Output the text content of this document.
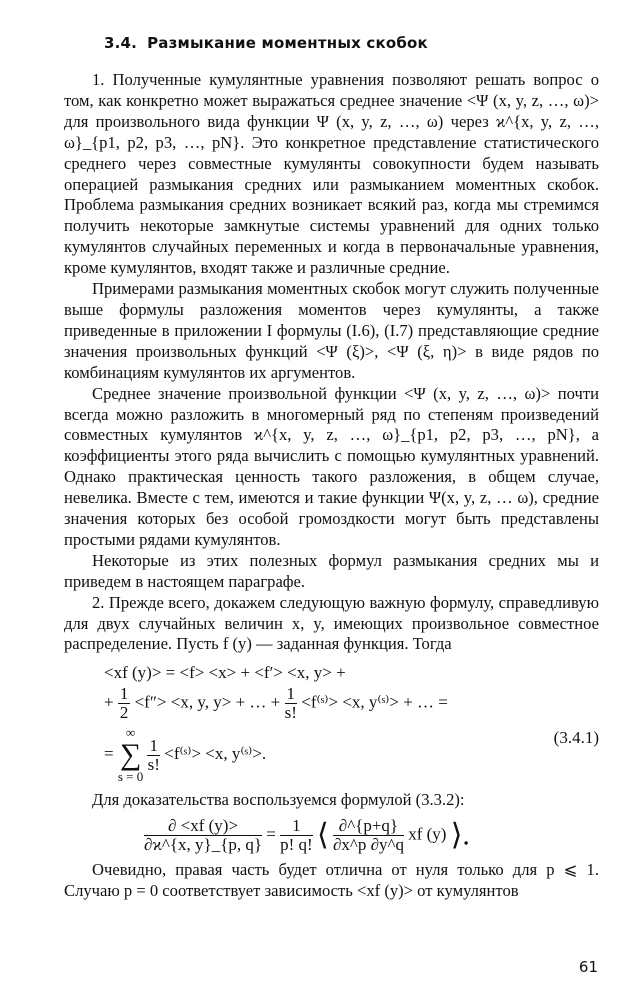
3.4. Размыкание моментных скобок

1. Полученные кумулянтные уравнения позволяют решать вопрос о том, как конкретно может выражаться среднее значение <Ψ (x, y, z, …, ω)> для произвольного вида функции Ψ (x, y, z, …, ω) через ϰ^{x, y, z, …, ω}_{p1, p2, p3, …, pN}. Это конкретное представление статистического среднего через совместные кумулянты совокупности будем называть операцией размыкания средних или размыканием моментных скобок. Проблема размыкания средних возникает всякий раз, когда мы стремимся получить некоторые замкнутые системы уравнений для одних только кумулянтов случайных переменных и когда в первоначальные уравнения, кроме кумулянтов, входят также и различные средние.

Примерами размыкания моментных скобок могут служить полученные выше формулы разложения моментов через кумулянты, а также приведенные в приложении I формулы (I.6), (I.7) представляющие средние значения произвольных функций <Ψ (ξ)>, <Ψ (ξ, η)> в виде рядов по комбинациям кумулянтов их аргументов.

Среднее значение произвольной функции <Ψ (x, y, z, …, ω)> почти всегда можно разложить в многомерный ряд по степеням произведений совместных кумулянтов ϰ^{x, y, z, …, ω}_{p1, p2, p3, …, pN}, а коэффициенты этого ряда вычислить с помощью кумулянтных уравнений. Однако практическая ценность такого разложения, в общем случае, невелика. Вместе с тем, имеются и такие функции Ψ(x, y, z, … ω), средние значения которых без особой громоздкости могут быть представлены простыми рядами кумулянтов.

Некоторые из этих полезных формул размыкания средних мы и приведем в настоящем параграфе.

2. Прежде всего, докажем следующую важную формулу, справедливую для двух случайных величин x, y, имеющих произвольное совместное распределение. Пусть f (y) — заданная функция. Тогда

<xf (y)> = <f> <x> + <f′> <x, y> +
+ $\frac{1}{2} <f''> <x$, y, y> + … + $\frac{1}{s!}$ <f⁽ˢ⁾> <x, y⁽ˢ⁾> + … =
= ∞
∑
s = 0
$\frac{1}{s!}$ <f⁽ˢ⁾> <x, y⁽ˢ⁾>.
(3.4.1)

Для доказательства воспользуемся формулой (3.3.2):

$\frac{\partial <xf (y)>}{\partial ϰ\^{}\{x, y\}\_\{p, q\}} = \frac{1}{p! q!}$ ⟨ $\frac{\partial\^{}\{p+q\}}{\partial x\^{}p \partial y\^{}q}$ xf (y) ⟩.

Очевидно, правая часть будет отлична от нуля только для p ⩽ 1. Случаю p = 0 соответствует зависимость <xf (y)> от кумулянтов

61
